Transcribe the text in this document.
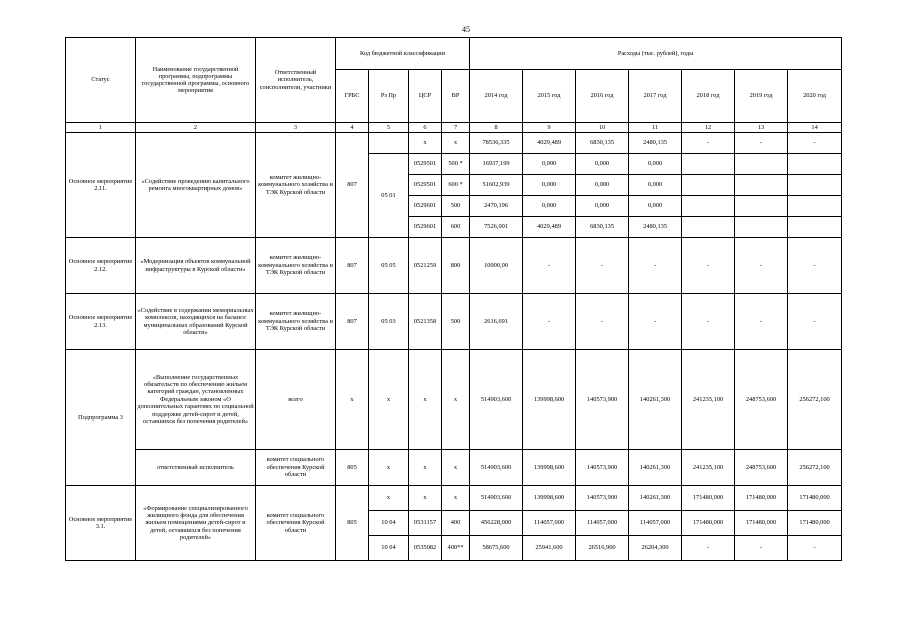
45
Статус	Наименование государственной программы, подпрограммы государственной программы, основного мероприятия	Ответственный исполнитель, соисполнители, участники	Код бюджетной классификации				Расходы (тыс. рублей), годы						
			ГРБС	Рз Пр	ЦСР	ВР	2014 год	2015 год	2016 год	2017 год	2018 год	2019 год	2020 год
1	2	3	4	5	6	7	8	9	10	11	12	13	14
Основное мероприятие 2.11.	«Содействие проведению капитального ремонта многоквартирных домов»	комитет жилищно-коммунального хозяйства и ТЭК Курской области	807		х	х	78536,335	4029,489	6830,135	2480,135	-	-	-
				05 01	0529501	500 *	16937,199	0,000	0,000	0,000			
					0529501	600 *	51602,939	0,000	0,000	0,000			
					0529601	500	2470,196	0,000	0,000	0,000			
					0529601	600	7526,001	4029,489	6830,135	2480,135			
Основное мероприятие 2.12.	«Модернизация объектов коммунальной инфраструктуры в Курской области»	комитет жилищно-коммунального хозяйства и ТЭК Курской области	807	05 05	0521259	800	10000,00	-	-	-	-	-	-
Основное мероприятие 2.13.	«Содействие в содержании мемориальных комплексов, находящихся на балансе муниципальных образований Курской области»	комитет жилищно-коммунального хозяйства и ТЭК Курской области	807	05 03	0521358	500	2616,691	-	-	-	-	-	-
Подпрограмма 3	«Выполнение государственных обязательств по обеспечению жильем категорий граждан, установленных Федеральным законом «О дополнительных гарантиях по социальной поддержке детей-сирот и детей, оставшихся без попечения родителей»	всего	х	х	х	х	514903,600	139998,600	140573,900	140261,300	241235,100	248753,600	256272,100
	ответственный исполнитель	комитет социального обеспечения Курской области	805	х	х	х	514903,600	139998,600	140573,900	140261,300	241235,100	248753,600	256272,100
Основное мероприятие 3.1.	«Формирование специализированного жилищного фонда для обеспечения жильем помещениями детей-сирот и детей, оставшихся без попечения родителей»	комитет социального обеспечения Курской области	805	х	х	х	514903,600	139998,600	140573,900	140261,300	171480,000	171480,000	171480,000
				10 04	0531157	400	456228,000	114057,000	114057,000	114057,000	171480,000	171480,000	171480,000
				10 04	0535082	400**	58675,600	25941,600	26516,900	26204,300	-	-	-
